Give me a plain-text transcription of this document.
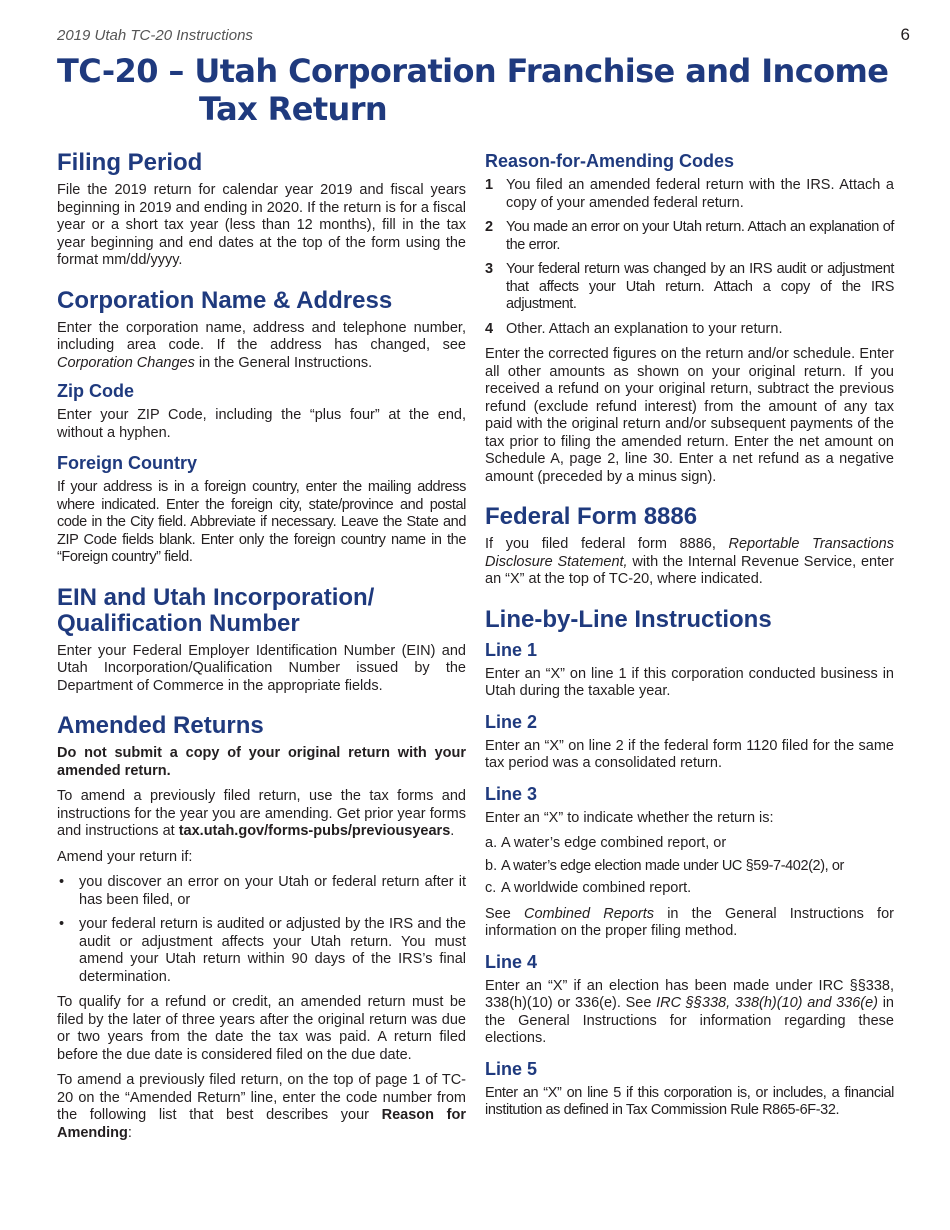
2019 Utah TC-20 Instructions	6
TC-20 – Utah Corporation Franchise and Income
Tax Return
Filing Period

File the 2019 return for calendar year 2019 and fiscal years beginning in 2019 and ending in 2020. If the return is for a fiscal year or a short tax year (less than 12 months), fill in the tax year beginning and end dates at the top of the form using the format mm/dd/yyyy.

Corporation Name & Address

Enter the corporation name, address and telephone number, including area code. If the address has changed, see Corporation Changes in the General Instructions.

Zip Code

Enter your ZIP Code, including the “plus four” at the end, without a hyphen.

Foreign Country

If your address is in a foreign country, enter the mailing address where indicated. Enter the foreign city, state/province and postal code in the City field. Abbreviate if necessary. Leave the State and ZIP Code fields blank. Enter only the foreign country name in the “Foreign country” field.

EIN and Utah Incorporation/
Qualification Number

Enter your Federal Employer Identification Number (EIN) and Utah Incorporation/Qualification Number issued by the Department of Commerce in the appropriate fields.

Amended Returns

Do not submit a copy of your original return with your amended return.

To amend a previously filed return, use the tax forms and instructions for the year you are amending. Get prior year forms and instructions at tax.utah.gov/forms-pubs/previousyears.

Amend your return if:

• you discover an error on your Utah or federal return after it has been filed, or
• your federal return is audited or adjusted by the IRS and the audit or adjustment affects your Utah return. You must amend your Utah return within 90 days of the IRS’s final determination.

To qualify for a refund or credit, an amended return must be filed by the later of three years after the original return was due or two years from the date the tax was paid. A return filed before the due date is considered filed on the due date.

To amend a previously filed return, on the top of page 1 of TC-20 on the “Amended Return” line, enter the code number from the following list that best describes your Reason for Amending:

Reason-for-Amending Codes
1 You filed an amended federal return with the IRS. Attach a copy of your amended federal return.
2 You made an error on your Utah return. Attach an explanation of the error.
3 Your federal return was changed by an IRS audit or adjustment that affects your Utah return. Attach a copy of the IRS adjustment.
4 Other. Attach an explanation to your return.

Enter the corrected figures on the return and/or schedule. Enter all other amounts as shown on your original return. If you received a refund on your original return, subtract the previous refund (exclude refund interest) from the amount of any tax paid with the original return and/or subsequent payments of the tax prior to filing the amended return. Enter the net amount on Schedule A, page 2, line 30. Enter a net refund as a negative amount (preceded by a minus sign).

Federal Form 8886

If you filed federal form 8886, Reportable Transactions Disclosure Statement, with the Internal Revenue Service, enter an “X” at the top of TC-20, where indicated.

Line-by-Line Instructions
Line 1

Enter an “X” on line 1 if this corporation conducted business in Utah during the taxable year.

Line 2

Enter an “X” on line 2 if the federal form 1120 filed for the same tax period was a consolidated return.

Line 3

Enter an “X” to indicate whether the return is:

a. A water’s edge combined report, or
b. A water’s edge election made under UC §59-7-402(2), or
c. A worldwide combined report.

See Combined Reports in the General Instructions for information on the proper filing method.

Line 4

Enter an “X” if an election has been made under IRC §§338, 338(h)(10) or 336(e). See IRC §§338, 338(h)(10) and 336(e) in the General Instructions for information regarding these elections.

Line 5

Enter an “X” on line 5 if this corporation is, or includes, a financial institution as defined in Tax Commission Rule R865-6F-32.
